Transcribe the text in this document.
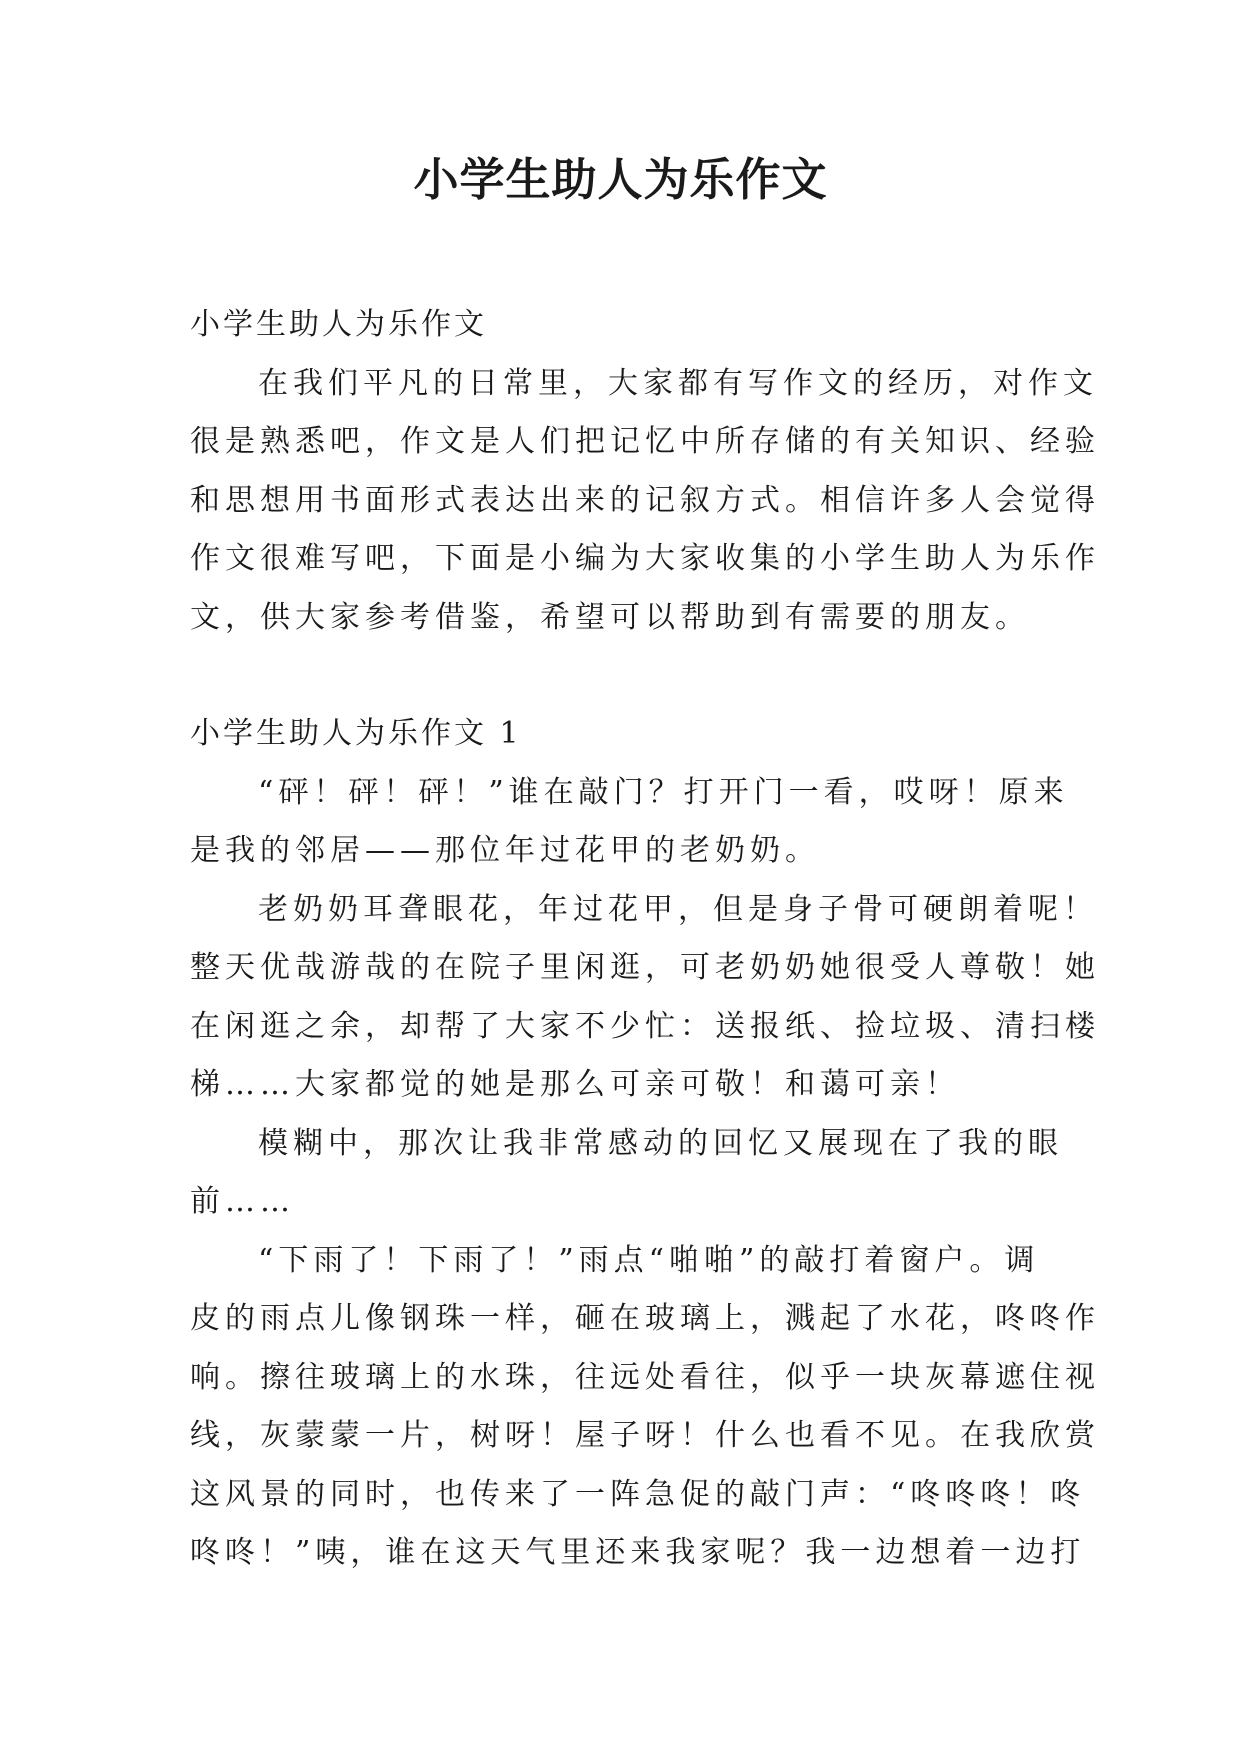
小学生助人为乐作文

小学生助人为乐作文

在我们平凡的日常里，大家都有写作文的经历，对作文

很是熟悉吧，作文是人们把记忆中所存储的有关知识、经验

和思想用书面形式表达出来的记叙方式。相信许多人会觉得

作文很难写吧，下面是小编为大家收集的小学生助人为乐作

文，供大家参考借鉴，希望可以帮助到有需要的朋友。

小学生助人为乐作文 1

“砰！砰！砰！”谁在敲门？打开门一看，哎呀！原来

是我的邻居——那位年过花甲的老奶奶。

老奶奶耳聋眼花，年过花甲，但是身子骨可硬朗着呢！

整天优哉游哉的在院子里闲逛，可老奶奶她很受人尊敬！她

在闲逛之余，却帮了大家不少忙：送报纸、捡垃圾、清扫楼

梯……大家都觉的她是那么可亲可敬！和蔼可亲！

模糊中，那次让我非常感动的回忆又展现在了我的眼

前……

“下雨了！下雨了！”雨点“啪啪”的敲打着窗户。调

皮的雨点儿像钢珠一样，砸在玻璃上，溅起了水花，咚咚作

响。擦往玻璃上的水珠，往远处看往，似乎一块灰幕遮住视

线，灰蒙蒙一片，树呀！屋子呀！什么也看不见。在我欣赏

这风景的同时，也传来了一阵急促的敲门声：“咚咚咚！咚

咚咚！”咦，谁在这天气里还来我家呢？我一边想着一边打
